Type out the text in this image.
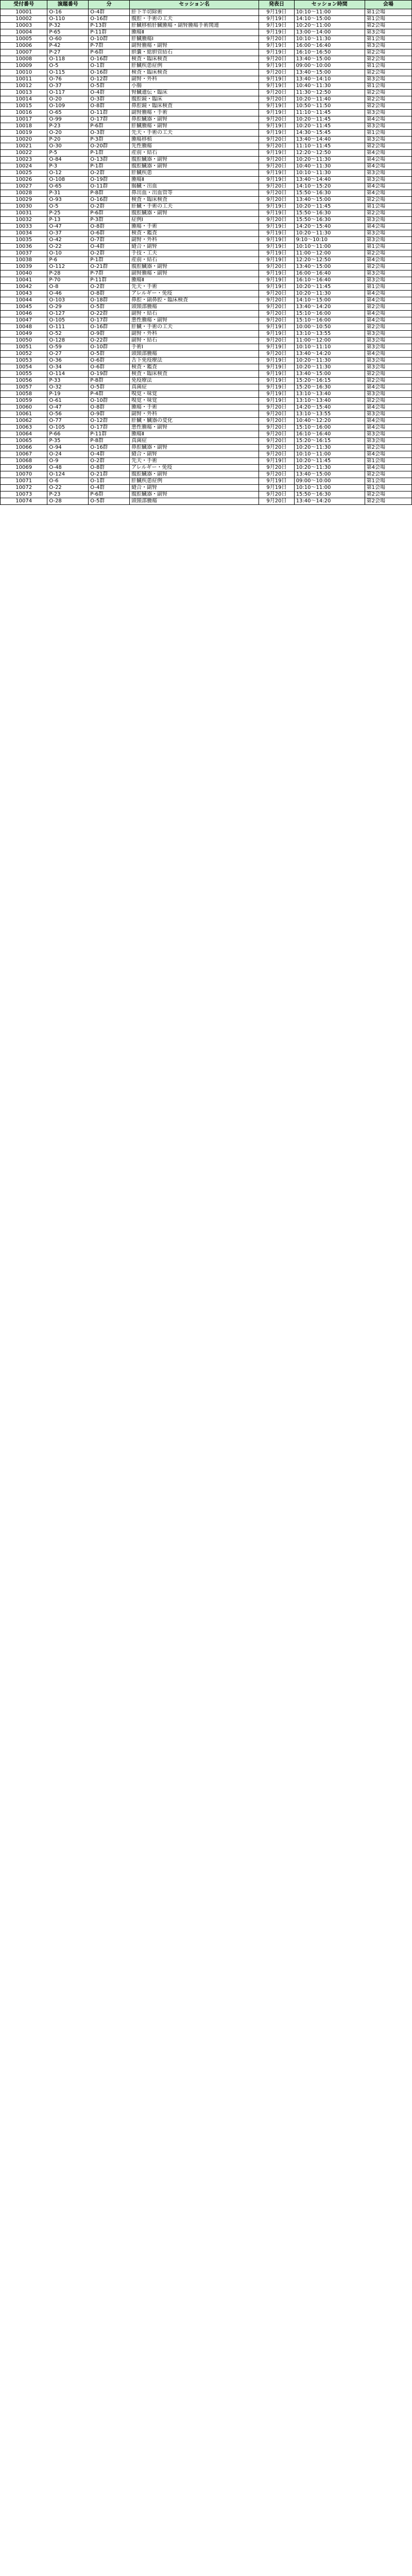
受付番号	演題番号	分	セッション名	発表日	セッション時間	会場
10001	O-16	O-4群	肝下半切除術	9月19日	10:10～11:00	第1会場
10002	O-110	O-16群	腹腔・手術の工夫	9月19日	14:10～15:00	第1会場
10003	P-32	P-13群	肝臓移植肝臓腫瘍・副腎腫瘍手術関連	9月19日	10:20～11:00	第2会場
10004	P-65	P-11群	腫瘍Ⅱ	9月19日	13:00～14:00	第3会場
10005	O-60	O-10群	肝臓腫瘍Ⅰ	9月20日	10:10～11:30	第1会場
10006	P-42	P-7群	副腎腫瘍・副腎	9月19日	16:00～16:40	第3会場
10007	P-27	P-6群	胆嚢・総胆管結石	9月19日	16:10～16:50	第2会場
10008	O-118	O-16群	検査・臨床検査	9月20日	13:40～15:00	第2会場
10009	O-5	O-1群	肝臓疾患症例	9月19日	09:00～10:00	第1会場
10010	O-115	O-16群	検査・臨床検査	9月20日	13:40～15:00	第2会場
10011	O-76	O-12群	副腎・外科	9月19日	13:40～14:10	第3会場
10012	O-37	O-5群	小腸	9月19日	10:40～11:30	第1会場
10013	O-117	O-4群	腎臓遺伝・臨床	9月20日	11:30～12:50	第2会場
10014	O-20	O-3群	腹腔鏡・臨床	9月20日	10:20～11:40	第2会場
10015	O-109	O-8群	鼻腔鏡・臨床検査	9月19日	10:50～11:50	第2会場
10016	O-65	O-11群	副腎腫瘍・手術	9月19日	11:10～11:45	第3会場
10017	O-99	O-17群	鼻腔臓器・副腎	9月20日	10:20～11:45	第4会場
10018	P-23	P-6群	肝臓腫瘍・副腎	9月19日	10:20～11:45	第3会場
10019	O-20	O-3群	先天・手術の工夫	9月19日	14:30～15:45	第1会場
10020	P-20	P-3群	腫瘍移植	9月20日	13:40～14:40	第3会場
10021	O-30	O-20群	先性腫瘍	9月20日	11:10～11:45	第2会場
10022	P-5	P-1群	産前・結石	9月19日	12:20～12:50	第4会場
10023	O-84	O-13群	腹腔臓器・副腎	9月20日	10:20～11:30	第4会場
10024	P-3	P-1群	腹腔臓器・副腎	9月20日	10:40～11:30	第4会場
10025	O-12	O-2群	肝臓疾患	9月19日	10:10～11:30	第3会場
10026	O-108	O-19群	腫瘍Ⅱ	9月19日	13:40～14:40	第3会場
10027	O-65	O-11群	腸臓・出血	9月20日	14:10～15:20	第4会場
10028	P-31	P-8群	鼻出血・出血管等	9月20日	15:50～16:30	第4会場
10029	O-93	O-16群	検査・臨床検査	9月20日	13:40～15:00	第2会場
10030	O-5	O-2群	肝臓・手術の工夫	9月19日	10:20～11:45	第1会場
10031	P-25	P-6群	腹腔臓器・副腎	9月19日	15:50～16:30	第2会場
10032	P-13	P-3群	症例Ⅰ	9月20日	15:50～16:30	第3会場
10033	O-47	O-8群	腫瘍・手術	9月19日	14:20～15:40	第4会場
10034	O-37	O-6群	検査・鑑査	9月19日	10:20～11:30	第3会場
10035	O-42	O-7群	副腎・外科	9月19日	9:10～10:10	第3会場
10036	O-22	O-4群	縫合・副腎	9月19日	10:10～11:00	第1会場
10037	O-10	O-2群	手技・工夫	9月19日	11:00～12:00	第2会場
10038	P-6	P-1群	産前・結石	9月19日	12:20～12:50	第4会場
10039	O-112	O-21群	腹腔臓器・副腎	9月20日	13:40～15:00	第2会場
10040	P-28	P-7群	副腎腫瘍・副腎	9月19日	16:00～16:40	第3会場
10041	P-70	P-11群	腫瘍Ⅱ	9月19日	16:10～16:40	第3会場
10042	O-8	O-2群	先天・手術	9月19日	10:20～11:45	第1会場
10043	O-46	O-8群	アレルギー・免疫	9月20日	10:20～11:30	第4会場
10044	O-103	O-18群	鼻腔・副鼻腔・臨床検査	9月20日	14:10～15:00	第4会場
10045	O-29	O-5群	頭頸部腫瘍	9月20日	13:40～14:20	第2会場
10046	O-127	O-22群	副腎・結石	9月20日	15:10～16:00	第4会場
10047	O-105	O-17群	悪性腫瘍・副腎	9月20日	15:10～16:00	第4会場
10048	O-111	O-16群	肝臓・手術の工夫	9月19日	10:00～10:50	第2会場
10049	O-52	O-9群	副腎・外科	9月19日	13:10～13:55	第3会場
10050	O-128	O-22群	副腎・結石	9月20日	11:00～12:00	第3会場
10051	O-59	O-10群	手術Ⅰ	9月19日	10:10～11:10	第3会場
10052	O-27	O-5群	頭頸部腫瘍	9月20日	13:40～14:20	第4会場
10053	O-36	O-6群	舌下免疫療法	9月19日	10:20～11:30	第3会場
10054	O-34	O-6群	検査・鑑査	9月19日	10:20～11:30	第3会場
10055	O-114	O-19群	検査・臨床検査	9月19日	13:40～15:00	第2会場
10056	P-33	P-8群	免疫療法	9月19日	15:20～16:15	第2会場
10057	O-32	O-5群	真菌症	9月19日	15:20～16:30	第4会場
10058	P-19	P-4群	嗅覚・味覚	9月19日	13:10～13:40	第3会場
10059	O-61	O-10群	嗅覚・味覚	9月19日	13:10～13:40	第2会場
10060	O-47	O-8群	腫瘍・手術	9月20日	14:20～15:40	第4会場
10061	O-56	O-9群	副腎・外科	9月20日	13:10～13:55	第3会場
10062	O-77	O-12群	肝臓・臓器の変化	9月20日	10:40～12:20	第4会場
10063	O-105	O-17群	悪性腫瘍・副腎	9月20日	15:10～16:00	第4会場
10064	P-66	P-11群	腫瘍Ⅱ	9月20日	16:10～16:40	第3会場
10065	P-35	P-8群	真菌症	9月20日	15:20～16:15	第3会場
10066	O-94	O-16群	鼻腔臓器・副腎	9月20日	10:20～11:30	第2会場
10067	O-24	O-4群	縫合・副腎	9月20日	10:10～11:00	第4会場
10068	O-9	O-2群	先天・手術	9月19日	10:20～11:45	第1会場
10069	O-48	O-8群	アレルギー・免疫	9月20日	10:20～11:30	第4会場
10070	O-124	O-21群	腹腔臓器・副腎	9月20日	13:40～15:00	第2会場
10071	O-6	O-1群	肝臓疾患症例	9月19日	09:00～10:00	第1会場
10072	O-22	O-4群	縫合・副腎	9月19日	10:10～11:00	第1会場
10073	P-23	P-6群	腹腔臓器・副腎	9月20日	15:50～16:30	第2会場
10074	O-28	O-5群	頭頸部腫瘍	9月20日	13:40～14:20	第2会場
